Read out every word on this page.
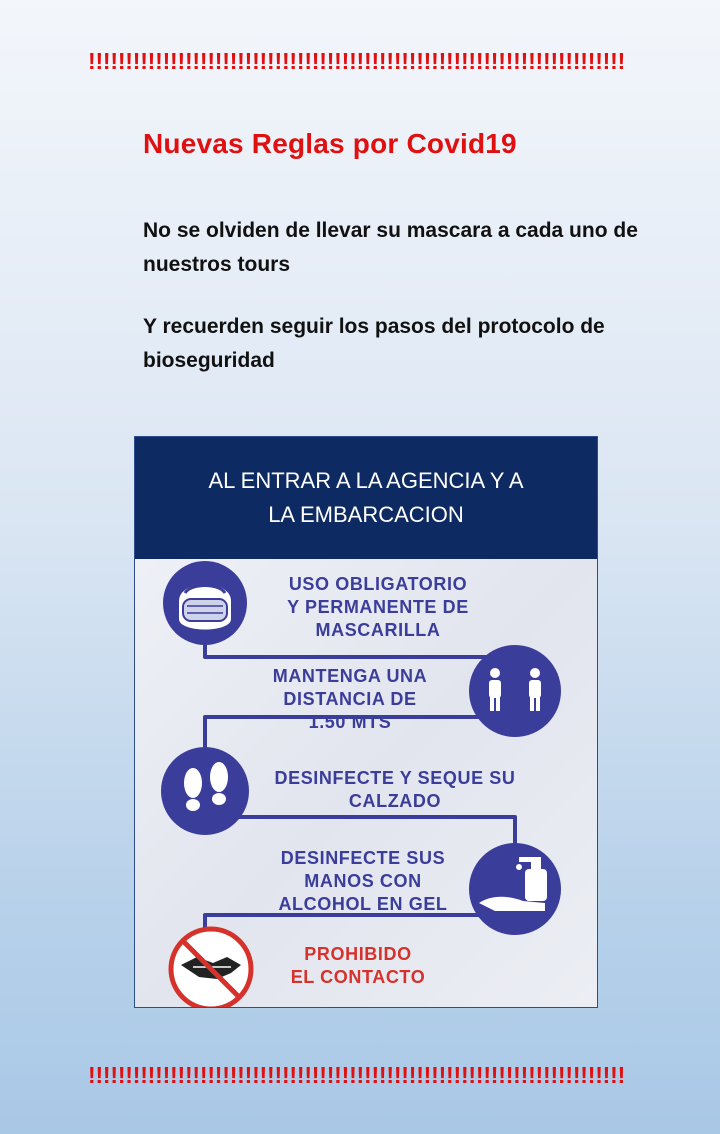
!!!!!!!!!!!!!!!!!!!!!!!!!!!!!!!!!!!!!!!!!!!!!!!!!!!!!!!!!!!!!!!!!!!!!!!!
Nuevas Reglas por Covid19
No se olviden de llevar su mascara a cada uno de nuestros tours
Y recuerden seguir los pasos del protocolo de bioseguridad
AL ENTRAR A LA AGENCIA Y A
LA EMBARCACION
USO OBLIGATORIO
Y PERMANENTE DE
MASCARILLA
MANTENGA UNA
DISTANCIA DE
1.50 MTS
DESINFECTE Y SEQUE SU
CALZADO
DESINFECTE SUS
MANOS CON
ALCOHOL EN GEL
PROHIBIDO
EL CONTACTO
!!!!!!!!!!!!!!!!!!!!!!!!!!!!!!!!!!!!!!!!!!!!!!!!!!!!!!!!!!!!!!!!!!!!!!!!
